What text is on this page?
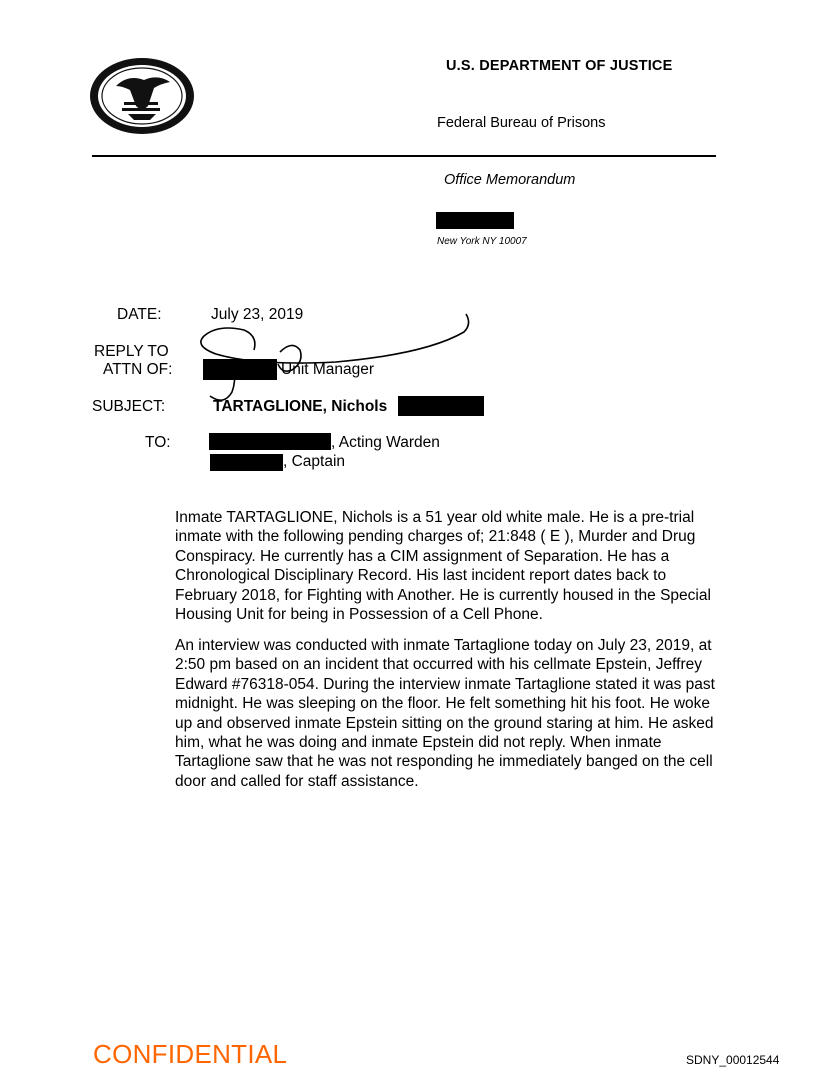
U.S. DEPARTMENT OF JUSTICE
Federal Bureau of Prisons
Office Memorandum
New York NY 10007
DATE:	July 23, 2019
REPLY TO
ATTN OF:	Unit Manager
SUBJECT:	TARTAGLIONE, Nichols
TO:	, Acting Warden
, Captain
Inmate TARTAGLIONE, Nichols is a 51 year old white male. He is a pre-trial inmate with the following pending charges of; 21:848 ( E ), Murder and Drug Conspiracy. He currently has a CIM assignment of Separation. He has a Chronological Disciplinary Record. His last incident report dates back to February 2018, for Fighting with Another. He is currently housed in the Special Housing Unit for being in Possession of a Cell Phone.
An interview was conducted with inmate Tartaglione today on July 23, 2019, at 2:50 pm based on an incident that occurred with his cellmate Epstein, Jeffrey Edward #76318-054. During the interview inmate Tartaglione stated it was past midnight. He was sleeping on the floor. He felt something hit his foot. He woke up and observed inmate Epstein sitting on the ground staring at him. He asked him, what he was doing and inmate Epstein did not reply. When inmate Tartaglione saw that he was not responding he immediately banged on the cell door and called for staff assistance.
CONFIDENTIAL	SDNY_00012544
